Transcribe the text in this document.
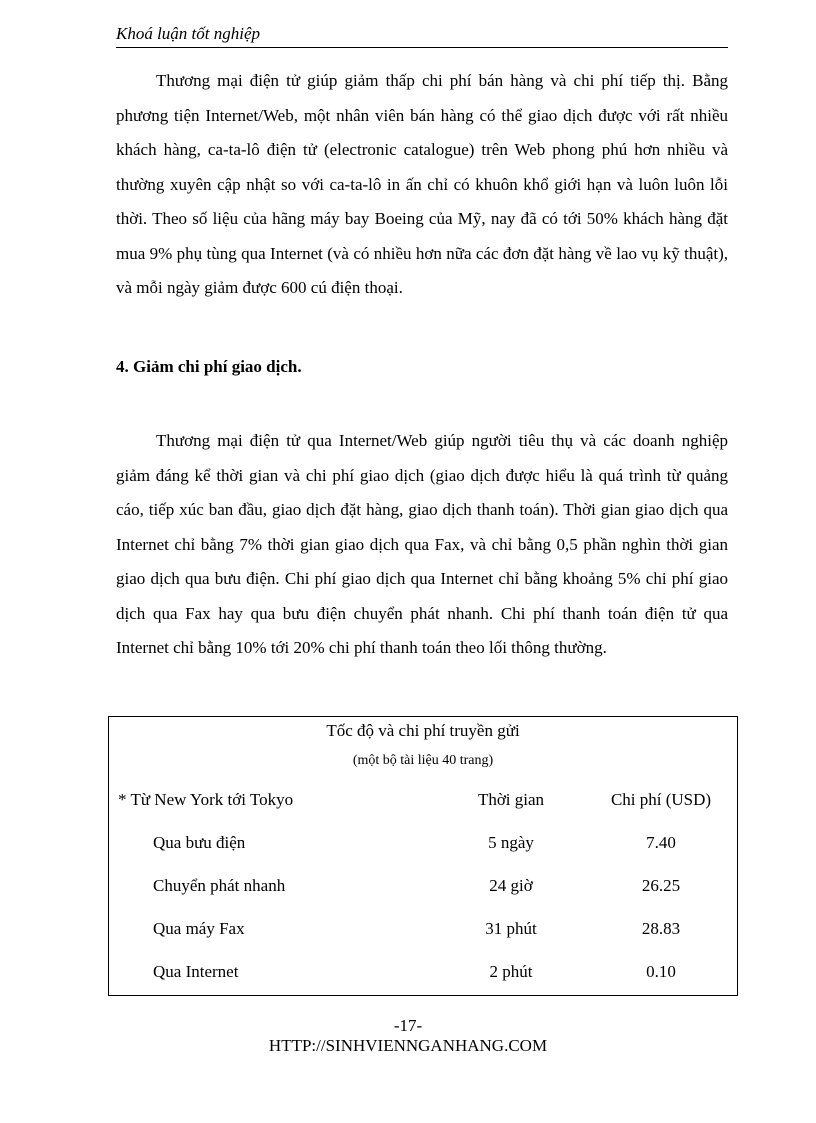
Khoá luận tốt nghiệp

Thương mại điện tử giúp giảm thấp chi phí bán hàng và chi phí tiếp thị. Bằng phương tiện Internet/Web, một nhân viên bán hàng có thể giao dịch được với rất nhiều khách hàng, ca-ta-lô điện tử (electronic catalogue) trên Web phong phú hơn nhiều và thường xuyên cập nhật so với ca-ta-lô in ấn chỉ có khuôn khổ giới hạn và luôn luôn lỗi thời. Theo số liệu của hãng máy bay Boeing của Mỹ, nay đã có tới 50% khách hàng đặt mua 9% phụ tùng qua Internet (và có nhiều hơn nữa các đơn đặt hàng về lao vụ kỹ thuật), và mỗi ngày giảm được 600 cú điện thoại.

4. Giảm chi phí giao dịch.

Thương mại điện tử qua Internet/Web giúp người tiêu thụ và các doanh nghiệp giảm đáng kể thời gian và chi phí giao dịch (giao dịch được hiểu là quá trình từ quảng cáo, tiếp xúc ban đầu, giao dịch đặt hàng, giao dịch thanh toán). Thời gian giao dịch qua Internet chỉ bằng 7% thời gian giao dịch qua Fax, và chỉ bằng 0,5 phần nghìn thời gian giao dịch qua bưu điện. Chi phí giao dịch qua Internet chỉ bằng khoảng 5% chi phí giao dịch qua Fax hay qua bưu điện chuyển phát nhanh. Chi phí thanh toán điện tử qua Internet chỉ bằng 10% tới 20% chi phí thanh toán theo lối thông thường.

Tốc độ và chi phí truyền gửi
(một bộ tài liệu 40 trang)
* Từ New York tới Tokyo	Thời gian	Chi phí (USD)
Qua bưu điện	5 ngày	7.40
Chuyển phát nhanh	24 giờ	26.25
Qua máy Fax	31 phút	28.83
Qua Internet	2 phút	0.10
-17-
HTTP://SINHVIENNGANHANG.COM
